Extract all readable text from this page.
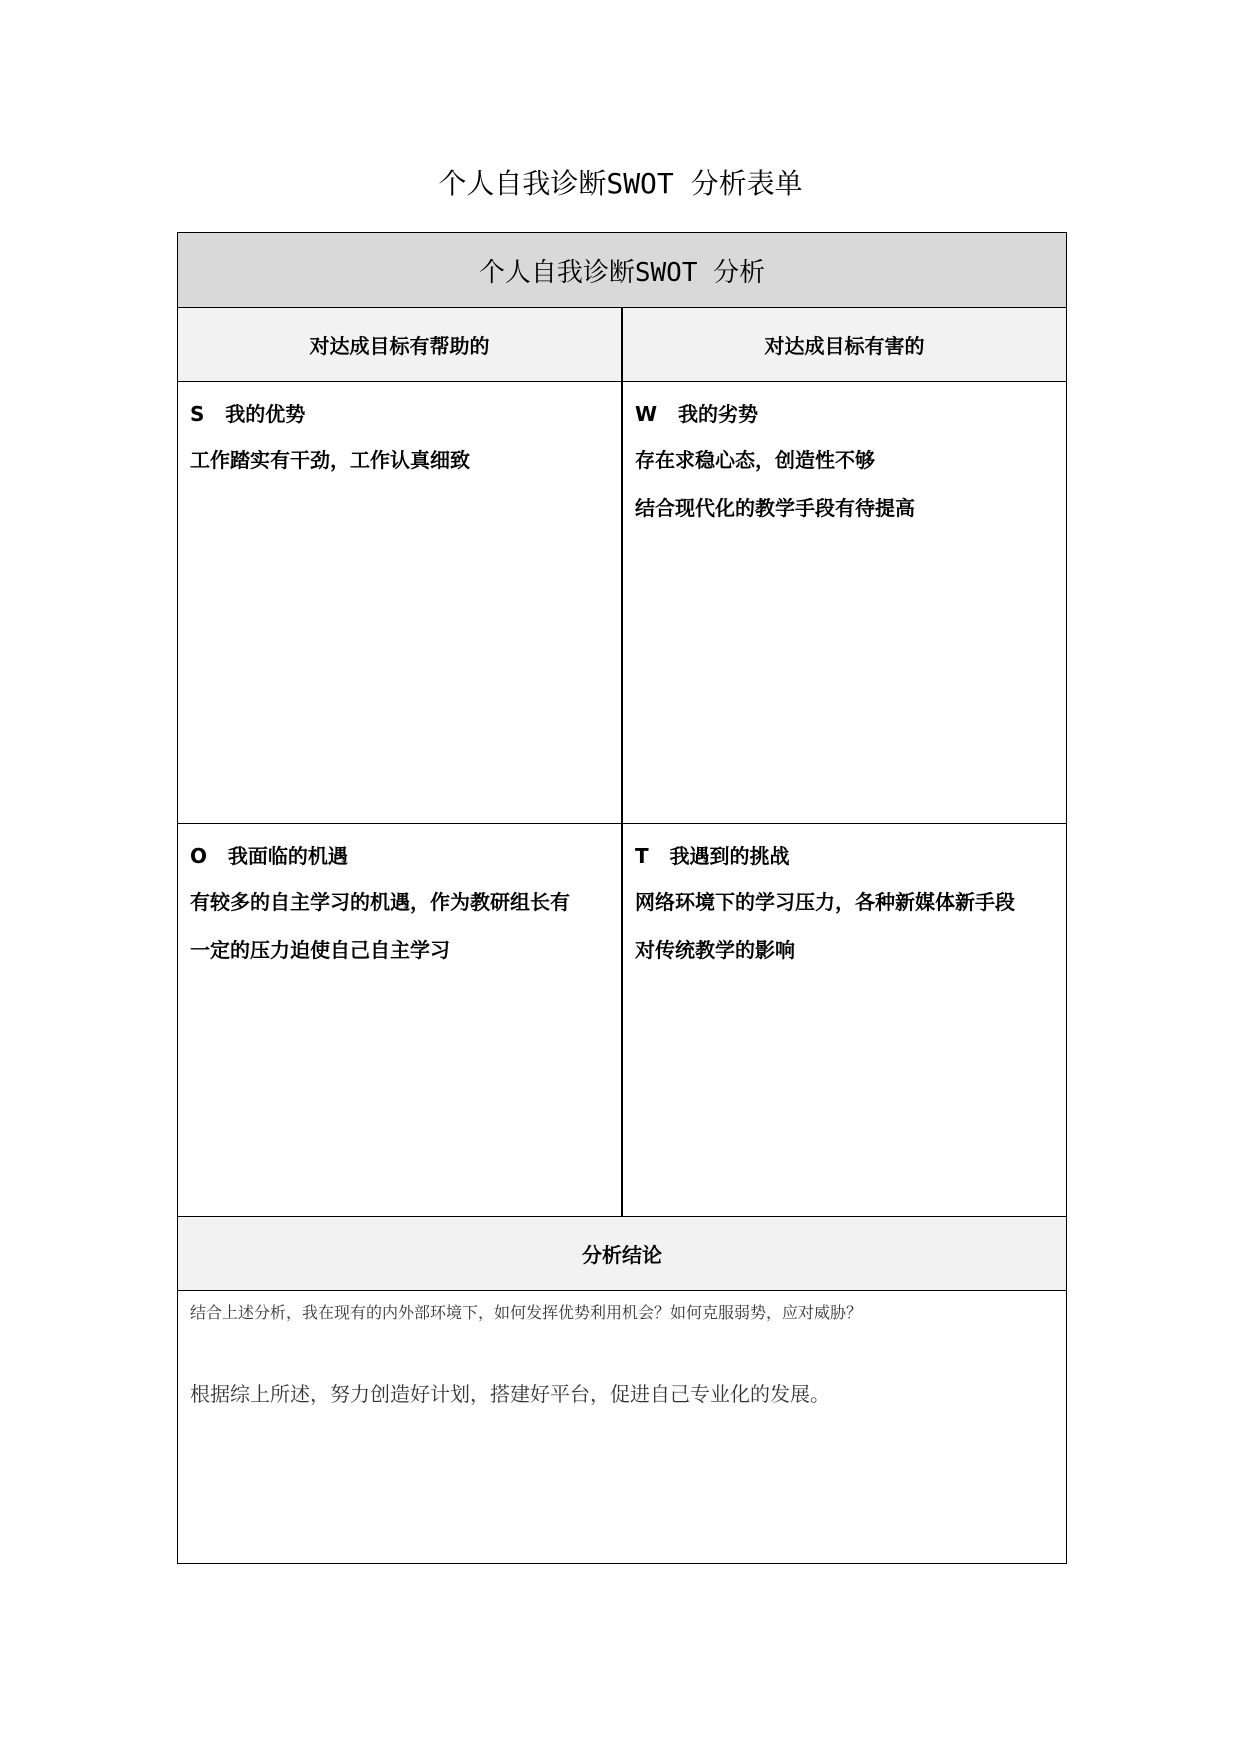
个人自我诊断SWOT 分析表单
个人自我诊断SWOT 分析
对达成目标有帮助的	对达成目标有害的
S   我的优势
工作踏实有干劲，工作认真细致
W   我的劣势
存在求稳心态，创造性不够
结合现代化的教学手段有待提高
O   我面临的机遇
有较多的自主学习的机遇，作为教研组长有
一定的压力迫使自己自主学习
T   我遇到的挑战
网络环境下的学习压力，各种新媒体新手段
对传统教学的影响
分析结论
结合上述分析，我在现有的内外部环境下，如何发挥优势利用机会？如何克服弱势，应对威胁？
根据综上所述，努力创造好计划，搭建好平台，促进自己专业化的发展。
